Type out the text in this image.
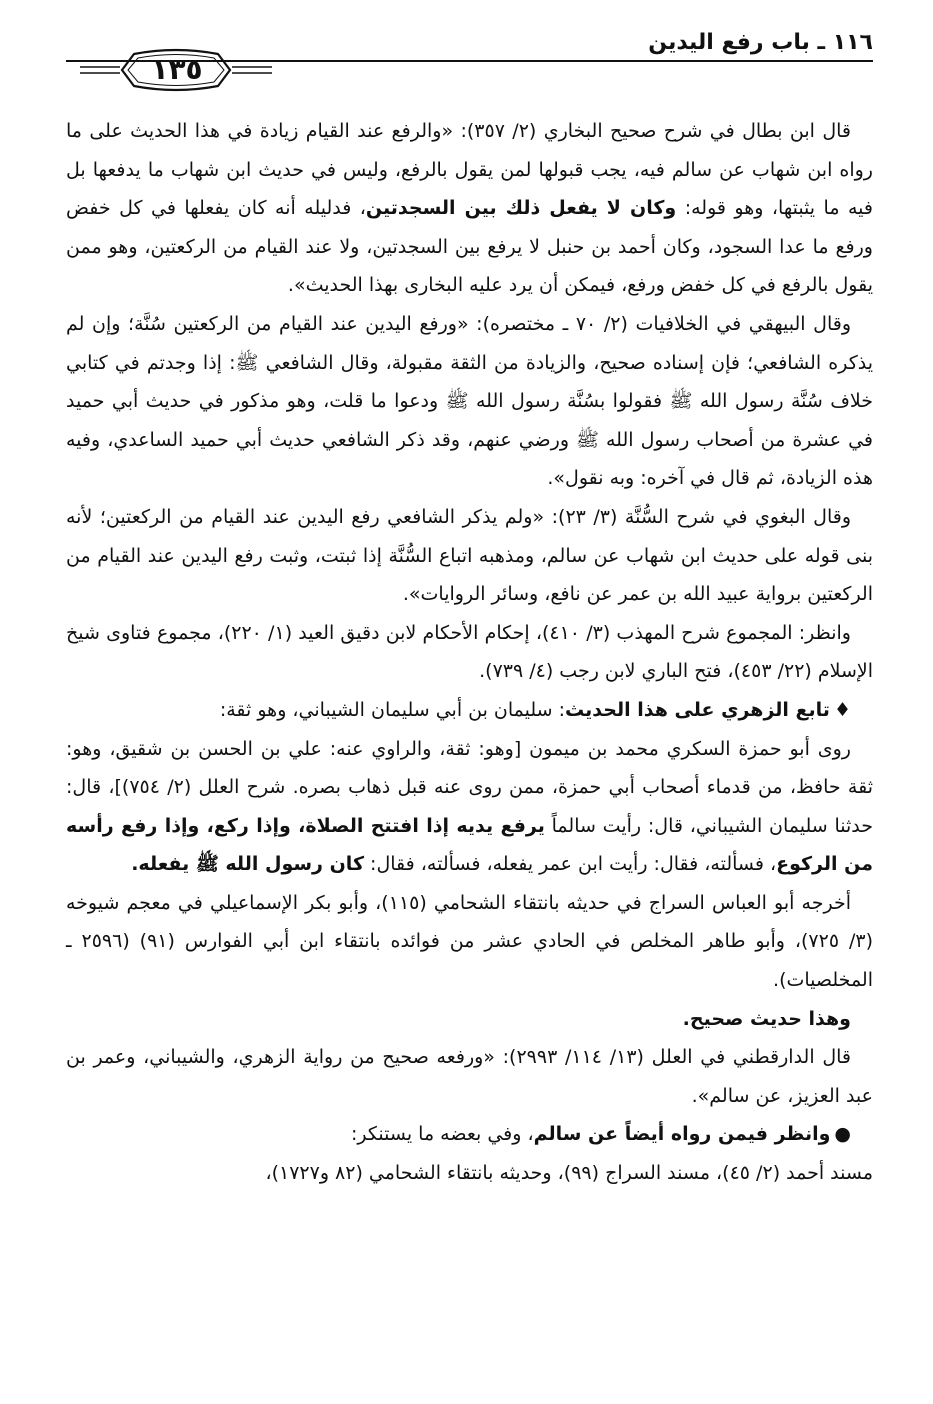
١١٦ ـ باب رفع اليدين
١٣٥

قال ابن بطال في شرح صحيح البخاري (٢/ ٣٥٧): «والرفع عند القيام زيادة في هذا الحديث على ما رواه ابن شهاب عن سالم فيه، يجب قبولها لمن يقول بالرفع، وليس في حديث ابن شهاب ما يدفعها بل فيه ما يثبتها، وهو قوله: وكان لا يفعل ذلك بين السجدتين، فدليله أنه كان يفعلها في كل خفض ورفع ما عدا السجود، وكان أحمد بن حنبل لا يرفع بين السجدتين، ولا عند القيام من الركعتين، وهو ممن يقول بالرفع في كل خفض ورفع، فيمكن أن يرد عليه البخارى بهذا الحديث».

وقال البيهقي في الخلافيات (٢/ ٧٠ ـ مختصره): «ورفع اليدين عند القيام من الركعتين سُنَّة؛ وإن لم يذكره الشافعي؛ فإن إسناده صحيح، والزيادة من الثقة مقبولة، وقال الشافعي ﷺ: إذا وجدتم في كتابي خلاف سُنَّة رسول الله ﷺ فقولوا بسُنَّة رسول الله ﷺ ودعوا ما قلت، وهو مذكور في حديث أبي حميد في عشرة من أصحاب رسول الله ﷺ ورضي عنهم، وقد ذكر الشافعي حديث أبي حميد الساعدي، وفيه هذه الزيادة، ثم قال في آخره: وبه نقول».

وقال البغوي في شرح السُّنَّة (٣/ ٢٣): «ولم يذكر الشافعي رفع اليدين عند القيام من الركعتين؛ لأنه بنى قوله على حديث ابن شهاب عن سالم، ومذهبه اتباع السُّنَّة إذا ثبتت، وثبت رفع اليدين عند القيام من الركعتين برواية عبيد الله بن عمر عن نافع، وسائر الروايات».

وانظر: المجموع شرح المهذب (٣/ ٤١٠)، إحكام الأحكام لابن دقيق العيد (١/ ٢٢٠)، مجموع فتاوى شيخ الإسلام (٢٢/ ٤٥٣)، فتح الباري لابن رجب (٤/ ٧٣٩).

♦تابع الزهري على هذا الحديث: سليمان بن أبي سليمان الشيباني، وهو ثقة:

روى أبو حمزة السكري محمد بن ميمون [وهو: ثقة، والراوي عنه: علي بن الحسن بن شقيق، وهو: ثقة حافظ، من قدماء أصحاب أبي حمزة، ممن روى عنه قبل ذهاب بصره. شرح العلل (٢/ ٧٥٤)]، قال: حدثنا سليمان الشيباني، قال: رأيت سالماً يرفع يديه إذا افتتح الصلاة، وإذا ركع، وإذا رفع رأسه من الركوع، فسألته، فقال: رأيت ابن عمر يفعله، فسألته، فقال: كان رسول الله ﷺ يفعله.

أخرجه أبو العباس السراج في حديثه بانتقاء الشحامي (١١٥)، وأبو بكر الإسماعيلي في معجم شيوخه (٣/ ٧٢٥)، وأبو طاهر المخلص في الحادي عشر من فوائده بانتقاء ابن أبي الفوارس (٩١) (٢٥٩٦ ـ المخلصيات).

وهذا حديث صحيح.

قال الدارقطني في العلل (١٣/ ١١٤/ ٢٩٩٣): «ورفعه صحيح من رواية الزهري، والشيباني، وعمر بن عبد العزيز، عن سالم».

●وانظر فيمن رواه أيضاً عن سالم، وفي بعضه ما يستنكر:

مسند أحمد (٢/ ٤٥)، مسند السراج (٩٩)، وحديثه بانتقاء الشحامي (٨٢ و١٧٢٧)،
